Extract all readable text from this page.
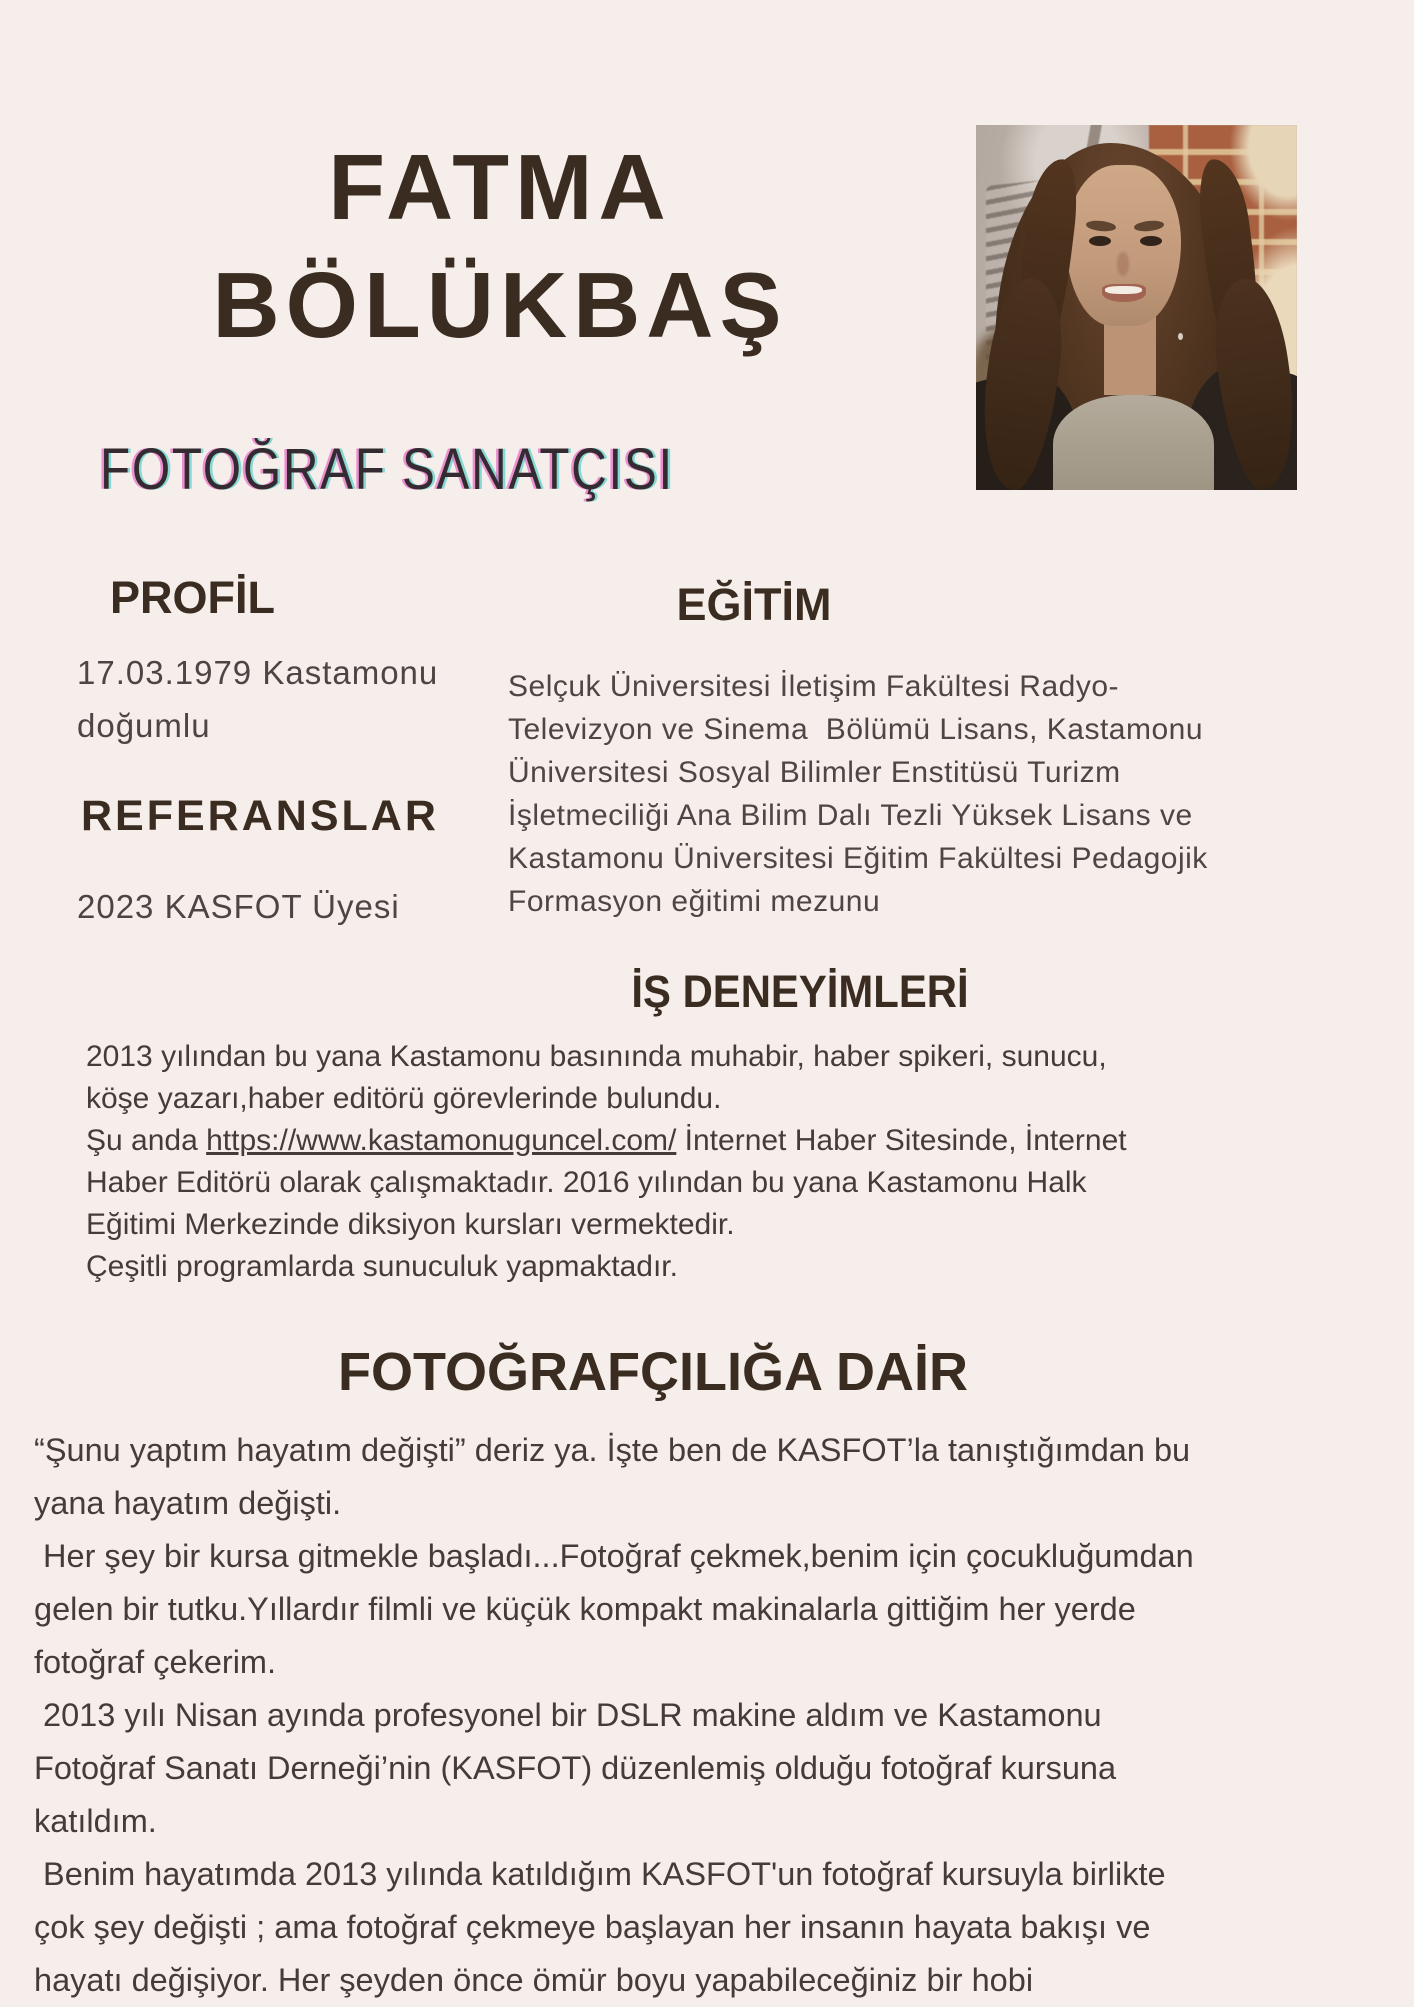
FATMA
BÖLÜKBAŞ
FOTOĞRAF SANATÇISI
PROFİL
17.03.1979 Kastamonu
doğumlu
EĞİTİM
Selçuk Üniversitesi İletişim Fakültesi Radyo-
Televizyon ve Sinema  Bölümü Lisans, Kastamonu
Üniversitesi Sosyal Bilimler Enstitüsü Turizm
İşletmeciliği Ana Bilim Dalı Tezli Yüksek Lisans ve
Kastamonu Üniversitesi Eğitim Fakültesi Pedagojik
Formasyon eğitimi mezunu
REFERANSLAR
2023 KASFOT Üyesi
İŞ DENEYİMLERİ
2013 yılından bu yana Kastamonu basınında muhabir, haber spikeri, sunucu,
köşe yazarı,haber editörü görevlerinde bulundu.
Şu anda https://www.kastamonuguncel.com/ İnternet Haber Sitesinde, İnternet
Haber Editörü olarak çalışmaktadır. 2016 yılından bu yana Kastamonu Halk
Eğitimi Merkezinde diksiyon kursları vermektedir.
Çeşitli programlarda sunuculuk yapmaktadır.
FOTOĞRAFÇILIĞA DAİR
“Şunu yaptım hayatım değişti” deriz ya. İşte ben de KASFOT’la tanıştığımdan bu
yana hayatım değişti.
Her şey bir kursa gitmekle başladı...Fotoğraf çekmek,benim için çocukluğumdan
gelen bir tutku.Yıllardır filmli ve küçük kompakt makinalarla gittiğim her yerde
fotoğraf çekerim.
2013 yılı Nisan ayında profesyonel bir DSLR makine aldım ve Kastamonu
Fotoğraf Sanatı Derneği’nin (KASFOT) düzenlemiş olduğu fotoğraf kursuna
katıldım.
Benim hayatımda 2013 yılında katıldığım KASFOT'un fotoğraf kursuyla birlikte
çok şey değişti ; ama fotoğraf çekmeye başlayan her insanın hayata bakışı ve
hayatı değişiyor. Her şeyden önce ömür boyu yapabileceğiniz bir hobi
